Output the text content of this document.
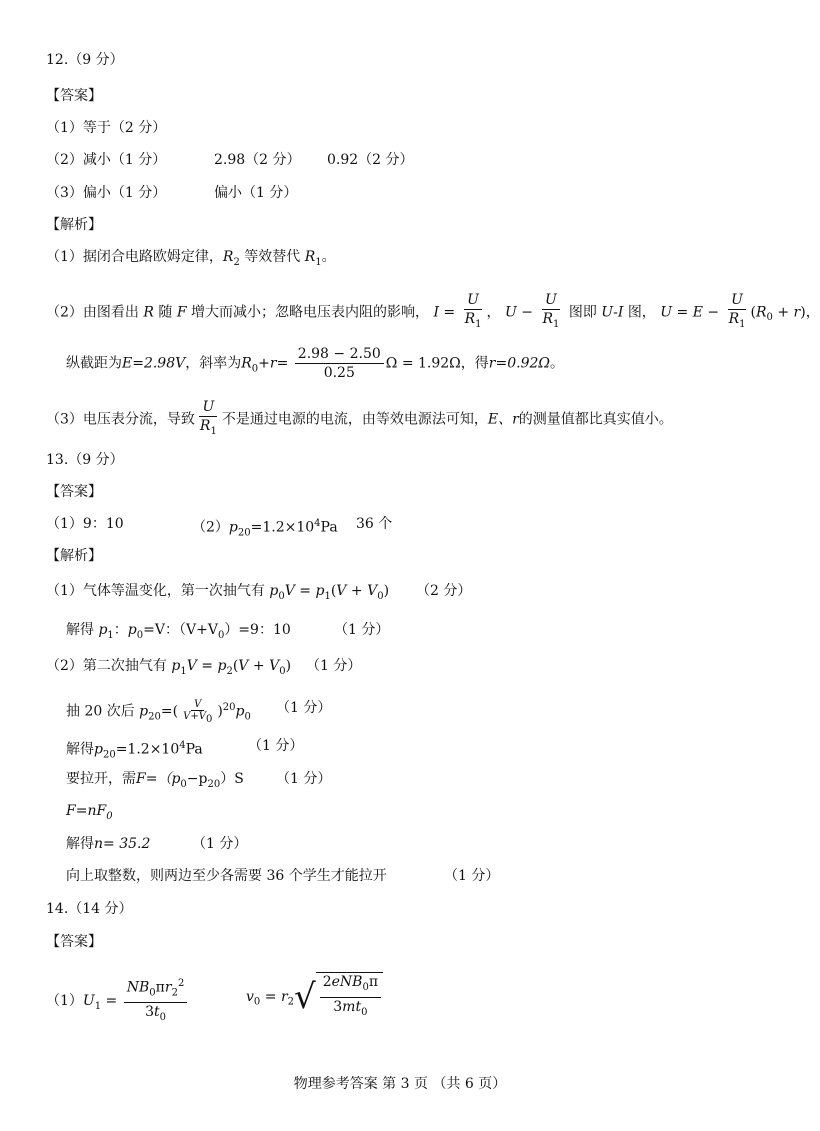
12.（9 分）
【答案】
（1）等于（2 分）
（2）减小（1 分）	2.98（2 分） 0.92（2 分）
（3）偏小（1 分）	偏小（1 分）
【解析】
（1）据闭合电路欧姆定律，$R_2$ 等效替代 $R_1$。
（2）由图看出 R 随 F 增大而减小；忽略电压表内阻的影响， $I = \frac{U}{R_1}$ ， $U - \frac{U}{R_1}$ 图即 U-I 图， $U = E - \frac{U}{R_1} (R_0 + r)$，
纵截距为E=2.98V，斜率为$R_0+r= \frac{2.98 - 2.50}{0.25}$ Ω = 1.92Ω，得r=0.92Ω。
（3）电压表分流，导致 $\frac{U}{R_1}$ 不是通过电源的电流，由等效电源法可知，E、r的测量值都比真实值小。
13.（9 分）
【答案】
（1）9：10	$(2)p_{20}=1.2\times 10^4Pa$ 36 个
【解析】
（1）气体等温变化，第一次抽气有 $p_0V = p_1(V + V_0)$ （2 分）
解得 $p_1$：$p_0=V$：$(V+V_0)=9$：10	（1 分）
（2）第二次抽气有 $p_1V = p_2(V + V_0)$ （1 分）
抽 20 次后 $p_{20}=( \frac{V}{V+V_0} )^{20}p_0$
（1 分）
解得$p_{20}=1.2\times 10^4Pa$	（1 分）
要拉开，需$F=(p_0-p_{20})S$ （1 分）
$F=nF_0$
解得n= 35.2	（1 分）
向上取整数，则两边至少各需要 36 个学生才能拉开	（1 分）
14.（14 分）
【答案】
$(1)U_1 = \frac{NB_0\pi r_2^2}{3t_0}$	$v_0 = r_2$ √ $\frac{2eNB_0\pi}{3mt_0}$
物理参考答案 第 3 页 （共 6 页）
